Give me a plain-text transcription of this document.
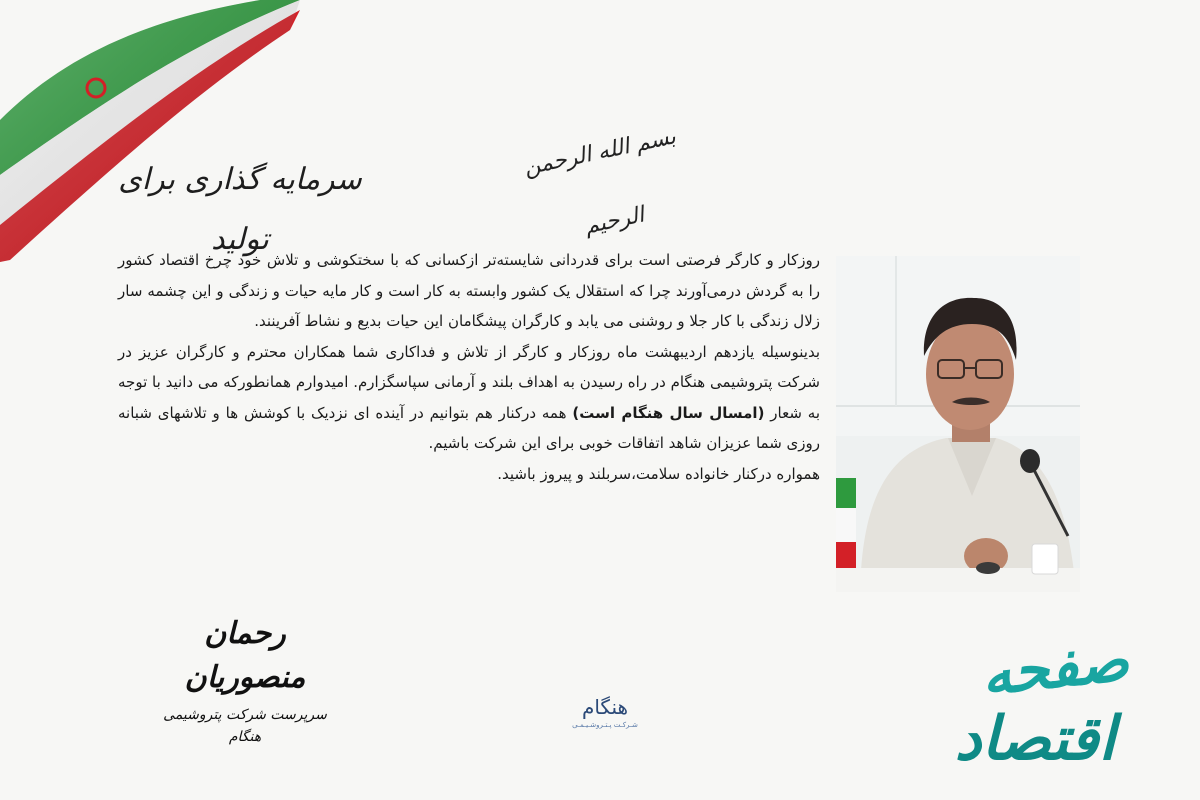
بسم الله الرحمن الرحیم
سرمایه گذاری برای تولید

روزکار و کارگر فرصتی است برای قدردانی شایسته‌تر ازکسانی که با سختکوشی و تلاش خود چرخ اقتصاد کشور را به گردش درمی‌آورند چرا که استقلال یک کشور وابسته به کار است و کار مایه حیات و زندگی و این چشمه سار زلال زندگی با کار جلا و روشنی می یابد و کارگران پیشگامان این حیات بدیع و نشاط آفرینند.

بدینوسیله یازدهم اردیبهشت ماه روزکار و کارگر از تلاش و فداکاری شما همکاران محترم و کارگران عزیز در شرکت پتروشیمی هنگام در راه رسیدن به اهداف بلند و آرمانی سپاسگزارم. امیدوارم همانطورکه می دانید با توجه به شعار (امسال سال هنگام است) همه درکنار هم بتوانیم در آینده ای نزدیک با کوشش ها و تلاشهای شبانه روزی شما عزیزان شاهد اتفاقات خوبی برای این شرکت باشیم.

همواره درکنار خانواده سلامت،سربلند و پیروز باشید.

رحمان منصوریان
سرپرست شرکت پتروشیمی هنگام
هنگام
شـرکـت پـتـروشـیـمـی
صفحه
اقتصاد
